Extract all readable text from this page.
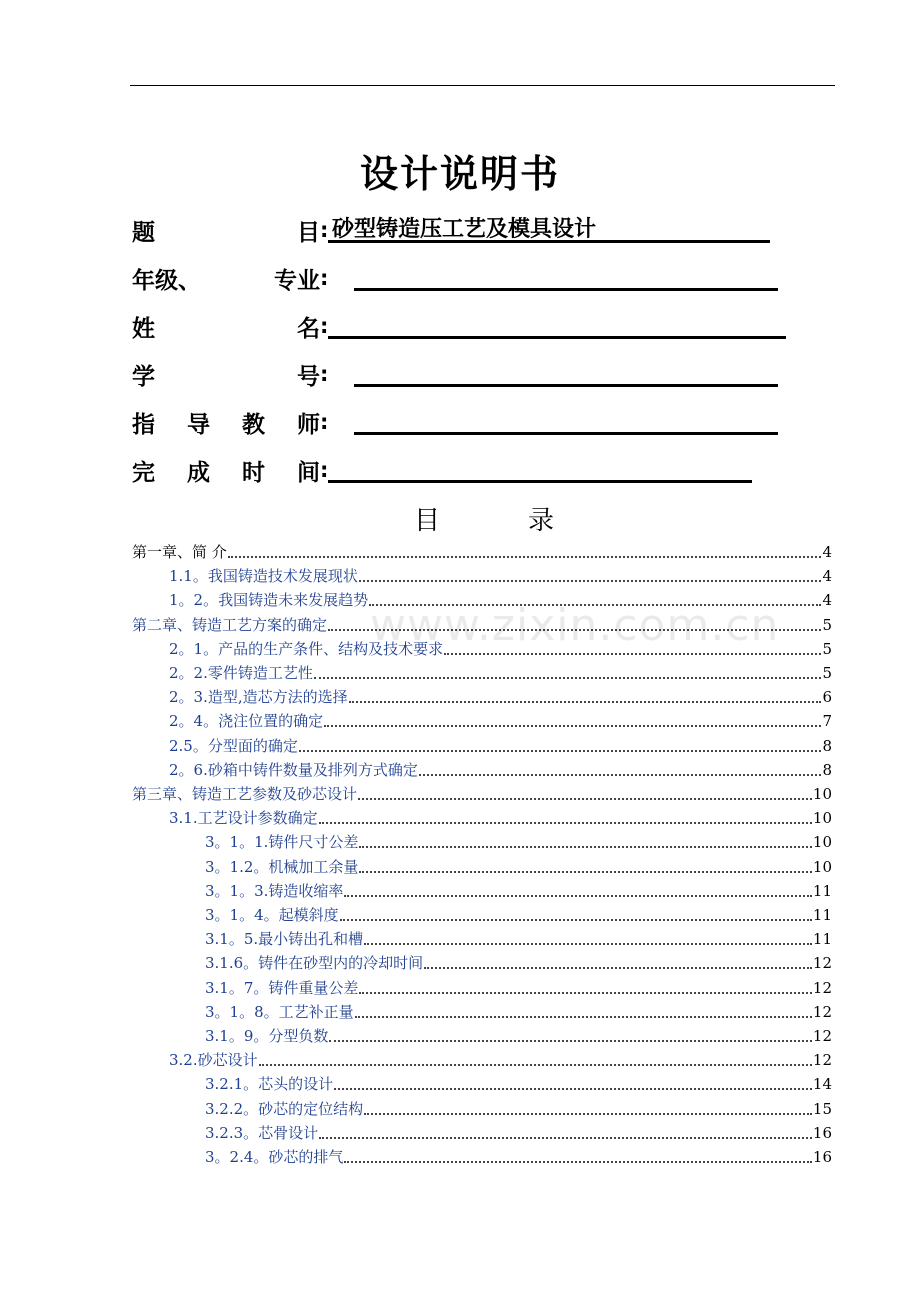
设计说明书
题	目 : 砂型铸造压工艺及模具设计
年级、	专业 :
姓	名 :
学	号 :
指 导 教 师 :
完 成 时 间 :
目	录
第一章、简 介	4
1.1。我国铸造技术发展现状	4
1。2。我国铸造未来发展趋势	4
第二章、铸造工艺方案的确定	5
2。1。产品的生产条件、结构及技术要求	5
2。2.零件铸造工艺性	5
2。3.造型,造芯方法的选择	6
2。4。浇注位置的确定	7
2.5。分型面的确定	8
2。6.砂箱中铸件数量及排列方式确定	8
第三章、铸造工艺参数及砂芯设计	10
3.1.工艺设计参数确定	10
3。1。1.铸件尺寸公差	10
3。1.2。机械加工余量	10
3。1。3.铸造收缩率	11
3。1。4。起模斜度	11
3.1。5.最小铸出孔和槽	11
3.1.6。铸件在砂型内的冷却时间	12
3.1。7。铸件重量公差	12
3。1。8。工艺补正量	12
3.1。9。分型负数	12
3.2.砂芯设计	12
3.2.1。芯头的设计	14
3.2.2。砂芯的定位结构	15
3.2.3。芯骨设计	16
3。2.4。砂芯的排气	16
www.zixin.com.cn
